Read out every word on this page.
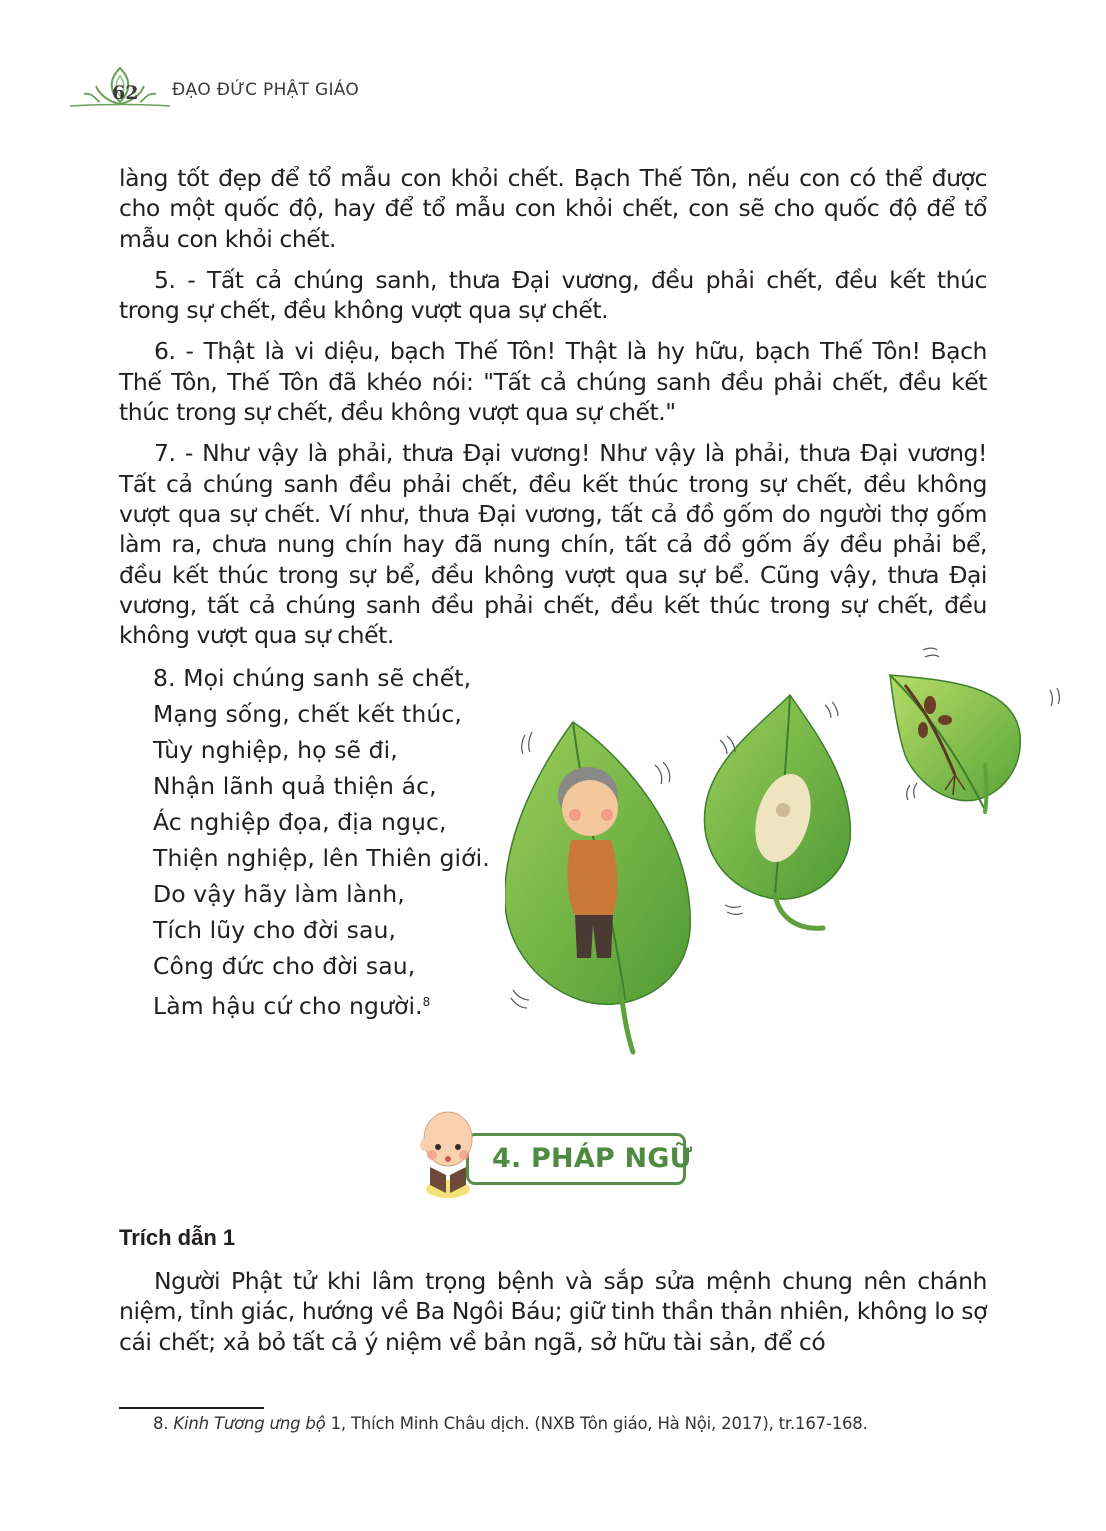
62 ĐẠO ĐỨC PHẬT GIÁO

làng tốt đẹp để tổ mẫu con khỏi chết. Bạch Thế Tôn, nếu con có thể được cho một quốc độ, hay để tổ mẫu con khỏi chết, con sẽ cho quốc độ để tổ mẫu con khỏi chết.

5. - Tất cả chúng sanh, thưa Đại vương, đều phải chết, đều kết thúc trong sự chết, đều không vượt qua sự chết.

6. - Thật là vi diệu, bạch Thế Tôn! Thật là hy hữu, bạch Thế Tôn! Bạch Thế Tôn, Thế Tôn đã khéo nói: "Tất cả chúng sanh đều phải chết, đều kết thúc trong sự chết, đều không vượt qua sự chết."

7. - Như vậy là phải, thưa Đại vương! Như vậy là phải, thưa Đại vương! Tất cả chúng sanh đều phải chết, đều kết thúc trong sự chết, đều không vượt qua sự chết. Ví như, thưa Đại vương, tất cả đồ gốm do người thợ gốm làm ra, chưa nung chín hay đã nung chín, tất cả đồ gốm ấy đều phải bể, đều kết thúc trong sự bể, đều không vượt qua sự bể. Cũng vậy, thưa Đại vương, tất cả chúng sanh đều phải chết, đều kết thúc trong sự chết, đều không vượt qua sự chết.

8. Mọi chúng sanh sẽ chết,
Mạng sống, chết kết thúc,
Tùy nghiệp, họ sẽ đi,
Nhận lãnh quả thiện ác,
Ác nghiệp đọa, địa ngục,
Thiện nghiệp, lên Thiên giới.
Do vậy hãy làm lành,
Tích lũy cho đời sau,
Công đức cho đời sau,
Làm hậu cứ cho người.$^8$
4. PHÁP NGỮ
Trích dẫn 1

Người Phật tử khi lâm trọng bệnh và sắp sửa mệnh chung nên chánh niệm, tỉnh giác, hướng về Ba Ngôi Báu; giữ tinh thần thản nhiên, không lo sợ cái chết; xả bỏ tất cả ý niệm về bản ngã, sở hữu tài sản, để có

8. Kinh Tương ưng bộ 1, Thích Minh Châu dịch. (NXB Tôn giáo, Hà Nội, 2017), tr.167-168.
